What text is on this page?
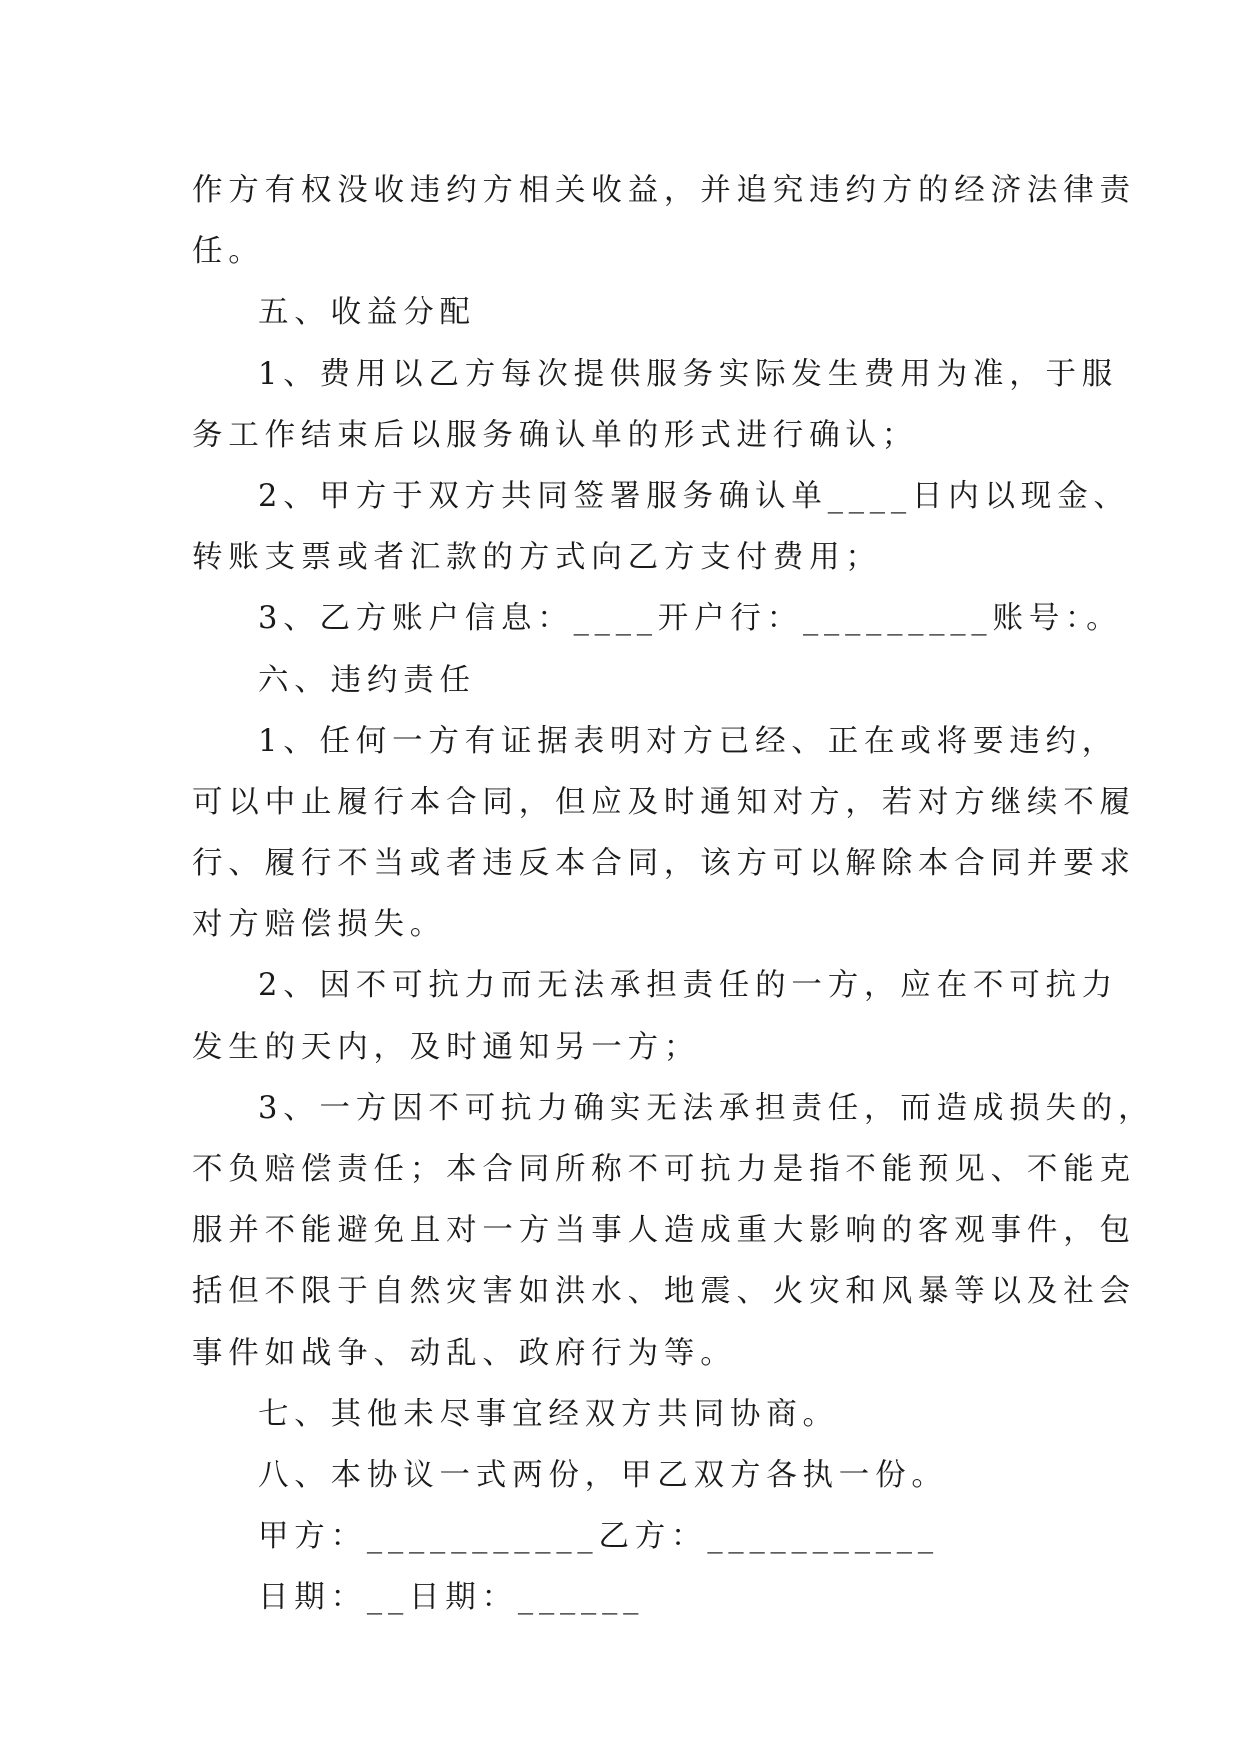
作方有权没收违约方相关收益，并追究违约方的经济法律责
任。
五、收益分配
1、费用以乙方每次提供服务实际发生费用为准，于服
务工作结束后以服务确认单的形式进行确认；
2、甲方于双方共同签署服务确认单____日内以现金、
转账支票或者汇款的方式向乙方支付费用；
3、乙方账户信息：____开户行：_________账号：。
六、违约责任
1、任何一方有证据表明对方已经、正在或将要违约，
可以中止履行本合同，但应及时通知对方，若对方继续不履
行、履行不当或者违反本合同，该方可以解除本合同并要求
对方赔偿损失。
2、因不可抗力而无法承担责任的一方，应在不可抗力
发生的天内，及时通知另一方；
3、一方因不可抗力确实无法承担责任，而造成损失的，
不负赔偿责任；本合同所称不可抗力是指不能预见、不能克
服并不能避免且对一方当事人造成重大影响的客观事件，包
括但不限于自然灾害如洪水、地震、火灾和风暴等以及社会
事件如战争、动乱、政府行为等。
七、其他未尽事宜经双方共同协商。
八、本协议一式两份，甲乙双方各执一份。
甲方：___________乙方：___________
日期：__日期：______
